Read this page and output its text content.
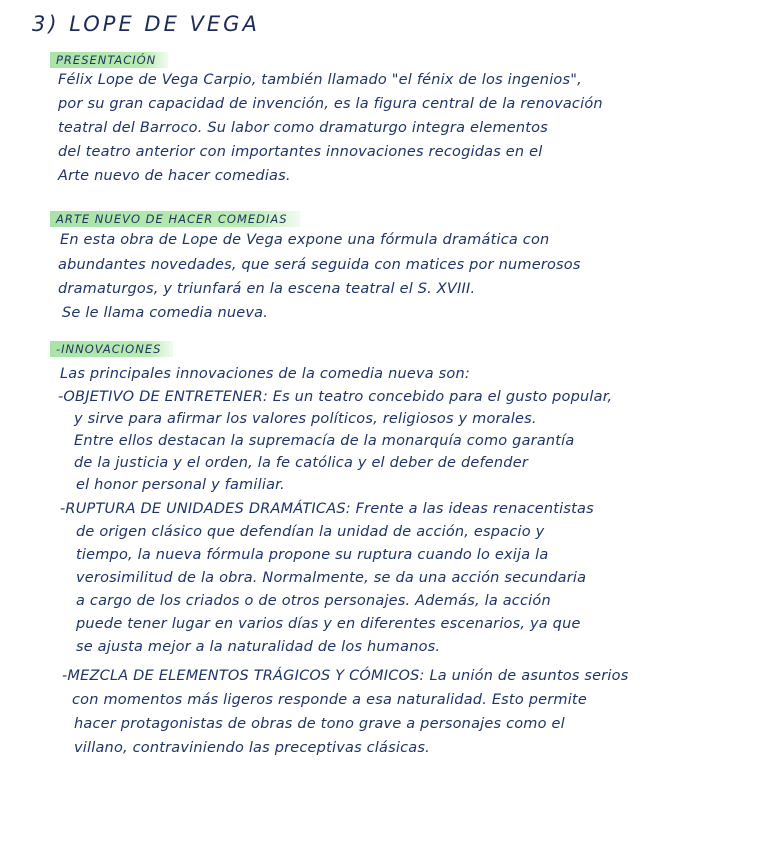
3) LOPE DE VEGA
PRESENTACIÓN
Félix Lope de Vega Carpio, también llamado "el fénix de los ingenios",
por su gran capacidad de invención, es la figura central de la renovación
teatral del Barroco. Su labor como dramaturgo integra elementos
del teatro anterior con importantes innovaciones recogidas en el
Arte nuevo de hacer comedias.
ARTE NUEVO DE HACER COMEDIAS
En esta obra de Lope de Vega expone una fórmula dramática con
abundantes novedades, que será seguida con matices por numerosos
dramaturgos, y triunfará en la escena teatral el S. XVIII.
Se le llama comedia nueva.
-INNOVACIONES
Las principales innovaciones de la comedia nueva son:
-OBJETIVO DE ENTRETENER: Es un teatro concebido para el gusto popular,
y sirve para afirmar los valores políticos, religiosos y morales.
Entre ellos destacan la supremacía de la monarquía como garantía
de la justicia y el orden, la fe católica y el deber de defender
el honor personal y familiar.
-RUPTURA DE UNIDADES DRAMÁTICAS: Frente a las ideas renacentistas
de origen clásico que defendían la unidad de acción, espacio y
tiempo, la nueva fórmula propone su ruptura cuando lo exija la
verosimilitud de la obra. Normalmente, se da una acción secundaria
a cargo de los criados o de otros personajes. Además, la acción
puede tener lugar en varios días y en diferentes escenarios, ya que
se ajusta mejor a la naturalidad de los humanos.
-MEZCLA DE ELEMENTOS TRÁGICOS Y CÓMICOS: La unión de asuntos serios
con momentos más ligeros responde a esa naturalidad. Esto permite
hacer protagonistas de obras de tono grave a personajes como el
villano, contraviniendo las preceptivas clásicas.
